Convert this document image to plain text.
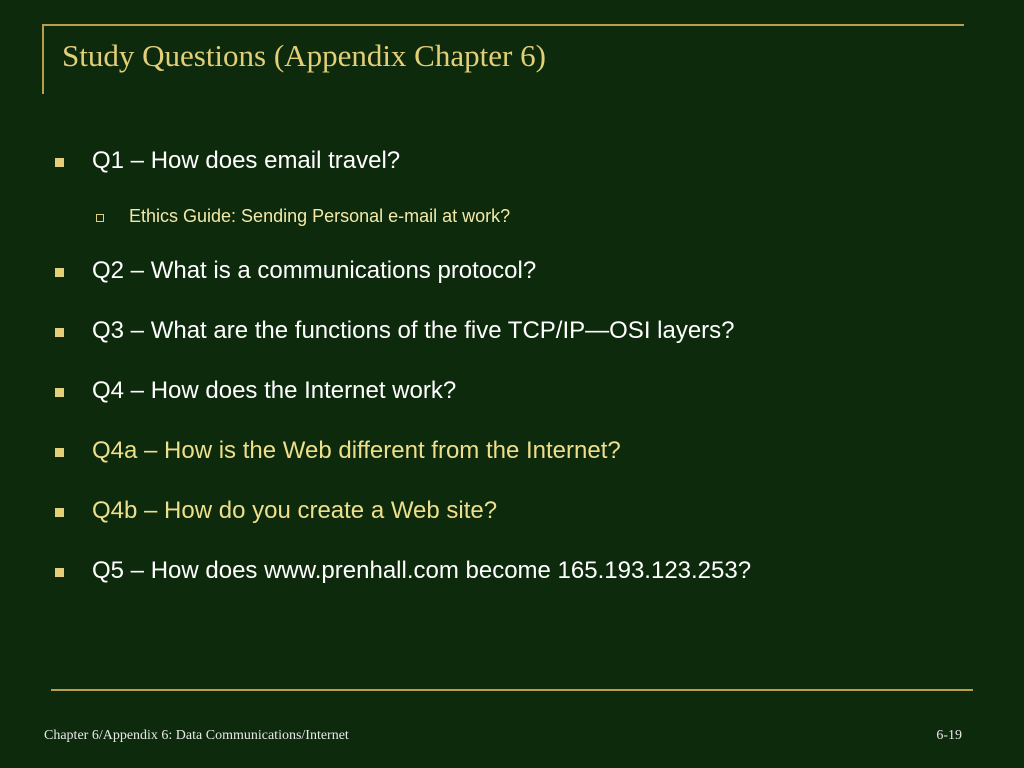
Study Questions (Appendix Chapter 6)
Q1 – How does email travel?
Ethics Guide: Sending Personal e-mail at work?
Q2 – What is a communications protocol?
Q3 – What are the functions of the five TCP/IP—OSI layers?
Q4 – How does the Internet work?
Q4a – How is the Web different from the Internet?
Q4b – How do you create a Web site?
Q5 – How does www.prenhall.com become 165.193.123.253?
Chapter 6/Appendix 6: Data Communications/Internet	6-19
